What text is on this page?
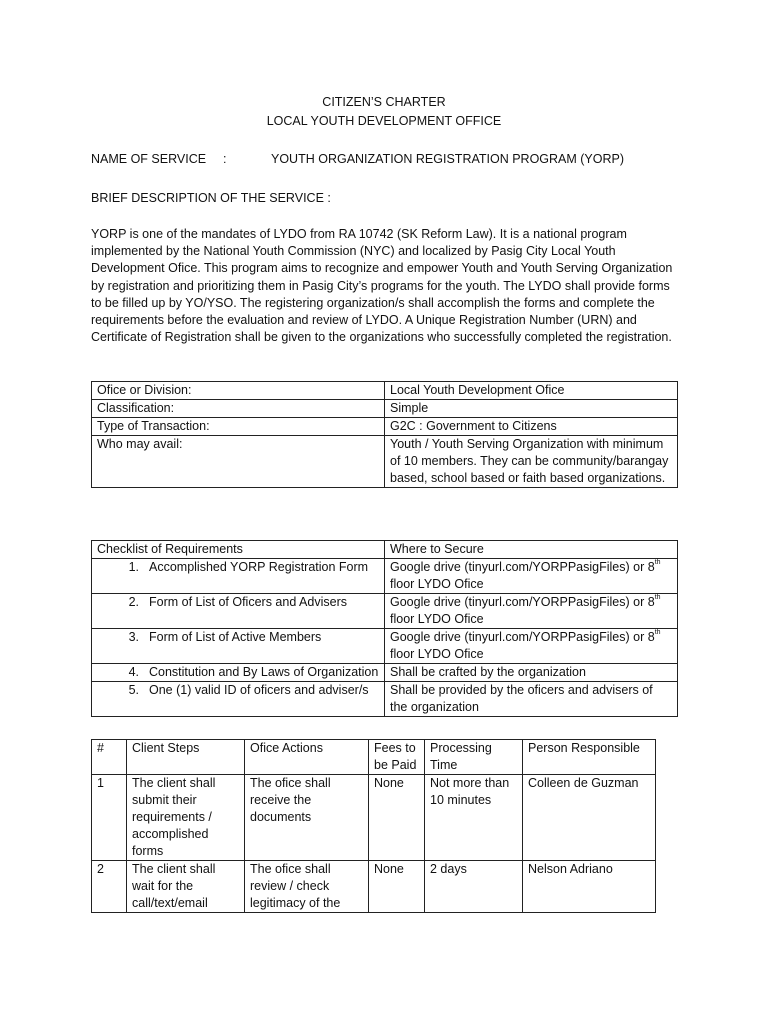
CITIZEN’S CHARTER
LOCAL YOUTH DEVELOPMENT OFFICE
NAME OF SERVICE :	YOUTH ORGANIZATION REGISTRATION PROGRAM (YORP)
BRIEF DESCRIPTION OF THE SERVICE :
YORP is one of the mandates of LYDO from RA 10742 (SK Reform Law). It is a national program implemented by the National Youth Commission (NYC) and localized by Pasig City Local Youth Development Ofice. This program aims to recognize and empower Youth and Youth Serving Organization by registration and prioritizing them in Pasig City’s programs for the youth. The LYDO shall provide forms to be filled up by YO/YSO. The registering organization/s shall accomplish the forms and complete the requirements before the evaluation and review of LYDO. A Unique Registration Number (URN) and Certificate of Registration shall be given to the organizations who successfully completed the registration.
Ofice or Division:	Local Youth Development Ofice
Classification:	Simple
Type of Transaction:	G2C : Government to Citizens
Who may avail:	Youth / Youth Serving Organization with minimum of 10 members. They can be community/barangay based, school based or faith based organizations.
Checklist of Requirements	Where to Secure
1. Accomplished YORP Registration Form	Google drive (tinyurl.com/YORPPasigFiles) or 8th
floor LYDO Ofice
2. Form of List of Oficers and Advisers	Google drive (tinyurl.com/YORPPasigFiles) or 8th
floor LYDO Ofice
3. Form of List of Active Members	Google drive (tinyurl.com/YORPPasigFiles) or 8th
floor LYDO Ofice
4. Constitution and By Laws of Organization	Shall be crafted by the organization
5. One (1) valid ID of oficers and adviser/s	Shall be provided by the oficers and advisers of the organization
#	Client Steps	Ofice Actions	Fees to be Paid	Processing Time	Person Responsible
1	The client shall submit their requirements / accomplished forms	The ofice shall receive the documents	None	Not more than 10 minutes	Colleen de Guzman
2	The client shall wait for the call/text/email	The ofice shall review / check legitimacy of the	None	2 days	Nelson Adriano
